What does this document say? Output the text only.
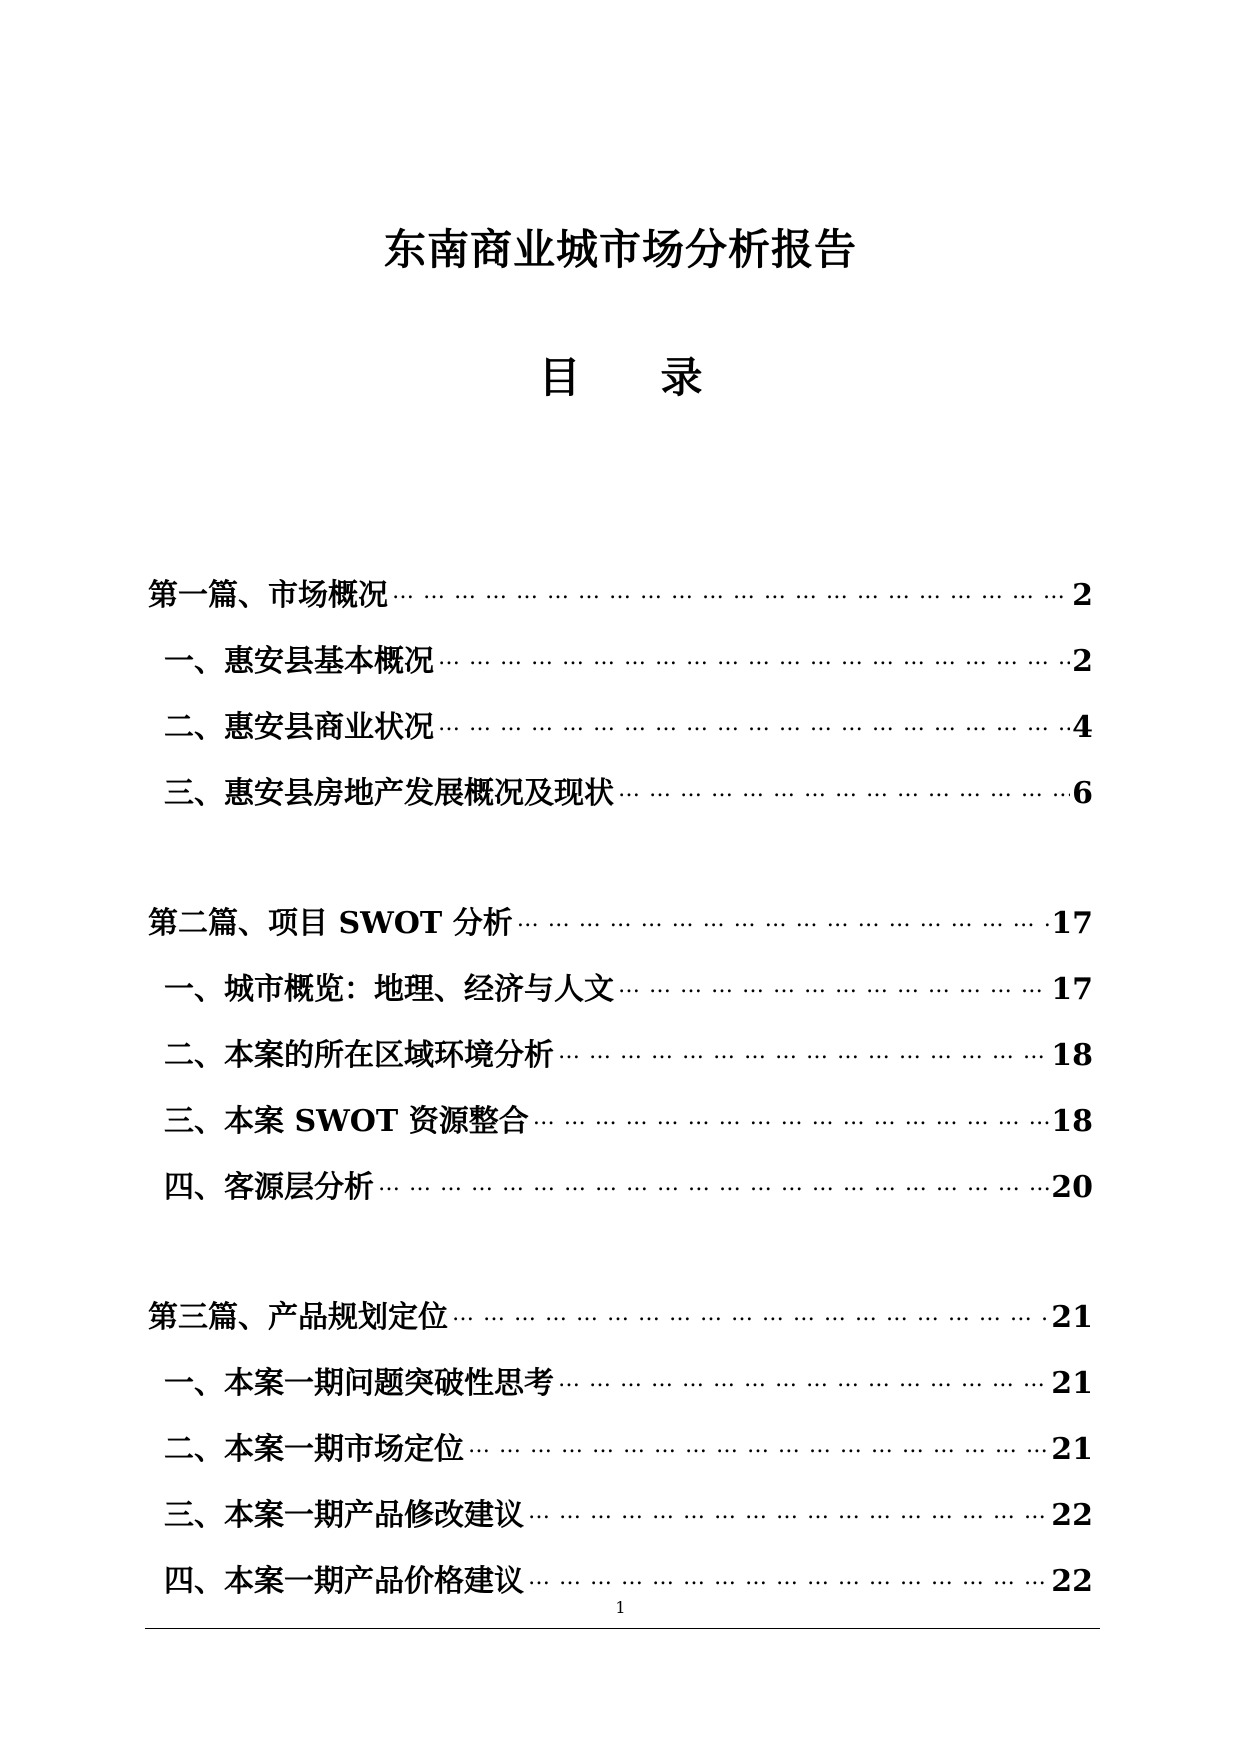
东南商业城市场分析报告
目 录
第一篇、市场概况 … … … … … … … … … … … … … … … … … … … … … … … … … … … … … … … … … … … … … … … … … … … … … … … …	2
一、惠安县基本概况 … … … … … … … … … … … … … … … … … … … … … … … … … … … … … … … … … … … … … … … … … … … … … … … …	2
二、惠安县商业状况 … … … … … … … … … … … … … … … … … … … … … … … … … … … … … … … … … … … … … … … … … … … … … … … …	4
三、惠安县房地产发展概况及现状 … … … … … … … … … … … … … … … … … … … … … … … … … … … … … … … … … … … … … … … … … … … … … … … …	6
第二篇、项目 SWOT 分析 … … … … … … … … … … … … … … … … … … … … … … … … … … … … … … … … … … … … … … … … … … … … … … … …	17
一、城市概览：地理、经济与人文 … … … … … … … … … … … … … … … … … … … … … … … … … … … … … … … … … … … … … … … … … … … … … … … …	17
二、本案的所在区域环境分析 … … … … … … … … … … … … … … … … … … … … … … … … … … … … … … … … … … … … … … … … … … … … … … … …	18
三、本案 SWOT 资源整合 … … … … … … … … … … … … … … … … … … … … … … … … … … … … … … … … … … … … … … … … … … … … … … … …	18
四、客源层分析 … … … … … … … … … … … … … … … … … … … … … … … … … … … … … … … … … … … … … … … … … … … … … … … …	20
第三篇、产品规划定位 … … … … … … … … … … … … … … … … … … … … … … … … … … … … … … … … … … … … … … … … … … … … … … … …	21
一、本案一期问题突破性思考 … … … … … … … … … … … … … … … … … … … … … … … … … … … … … … … … … … … … … … … … … … … … … … … …	21
二、本案一期市场定位 … … … … … … … … … … … … … … … … … … … … … … … … … … … … … … … … … … … … … … … … … … … … … … … …	21
三、本案一期产品修改建议 … … … … … … … … … … … … … … … … … … … … … … … … … … … … … … … … … … … … … … … … … … … … … … … …	22
四、本案一期产品价格建议 … … … … … … … … … … … … … … … … … … … … … … … … … … … … … … … … … … … … … … … … … … … … … … … …	22
1
